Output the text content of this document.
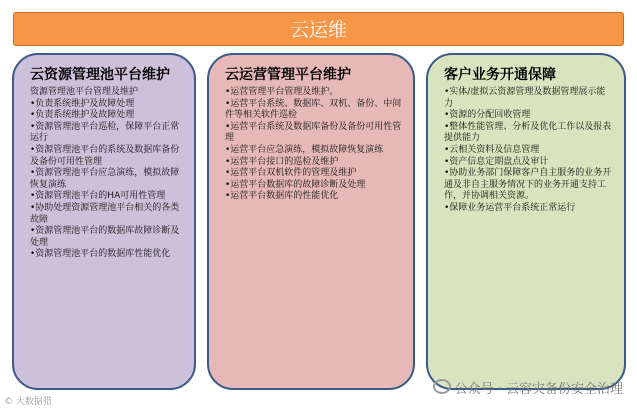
云运维
云资源管理池平台维护
资源管理池平台管理及维护
•负责系统维护及故障处理
•负责系统维护及故障处理
•资源管理池平台巡检，保障平台正常运行
•资源管理池平台的系统及数据库备份及备份可用性管理
•资源管理池平台应急演练，模拟故障恢复演练
•资源管理池平台的HA可用性管理
•协助处理资源管理池平台相关的各类故障
•资源管理池平台的数据库故障诊断及处理
•资源管理池平台的数据库性能优化
云运营管理平台维护
•运营管理平台管理及维护。
•运营平台系统、数据库、双机、备份、中间件等相关软件巡检
•运营平台系统及数据库备份及备份可用性管理
•运营平台应急演练，模拟故障恢复演练
•运营平台接口的巡检及维护
•运营平台双机软件的管理及维护
•运营平台数据库的故障诊断及处理
•运营平台数据库的性能优化
客户业务开通保障
•实体/虚拟云资源管理及数据管理展示能力
•资源的分配回收管理
•整体性能管理、分析及优化工作以及报表提供能力
•云相关资料及信息管理
•资产信息定期盘点及审计
•协助业务部门保障客户自主服务的业务开通及非自主服务情况下的业务开通支持工作，并协调相关资源。
•保障业务运营平台系统正常运行
© 大数据猎
公众号 · 云容灾备份安全治理
